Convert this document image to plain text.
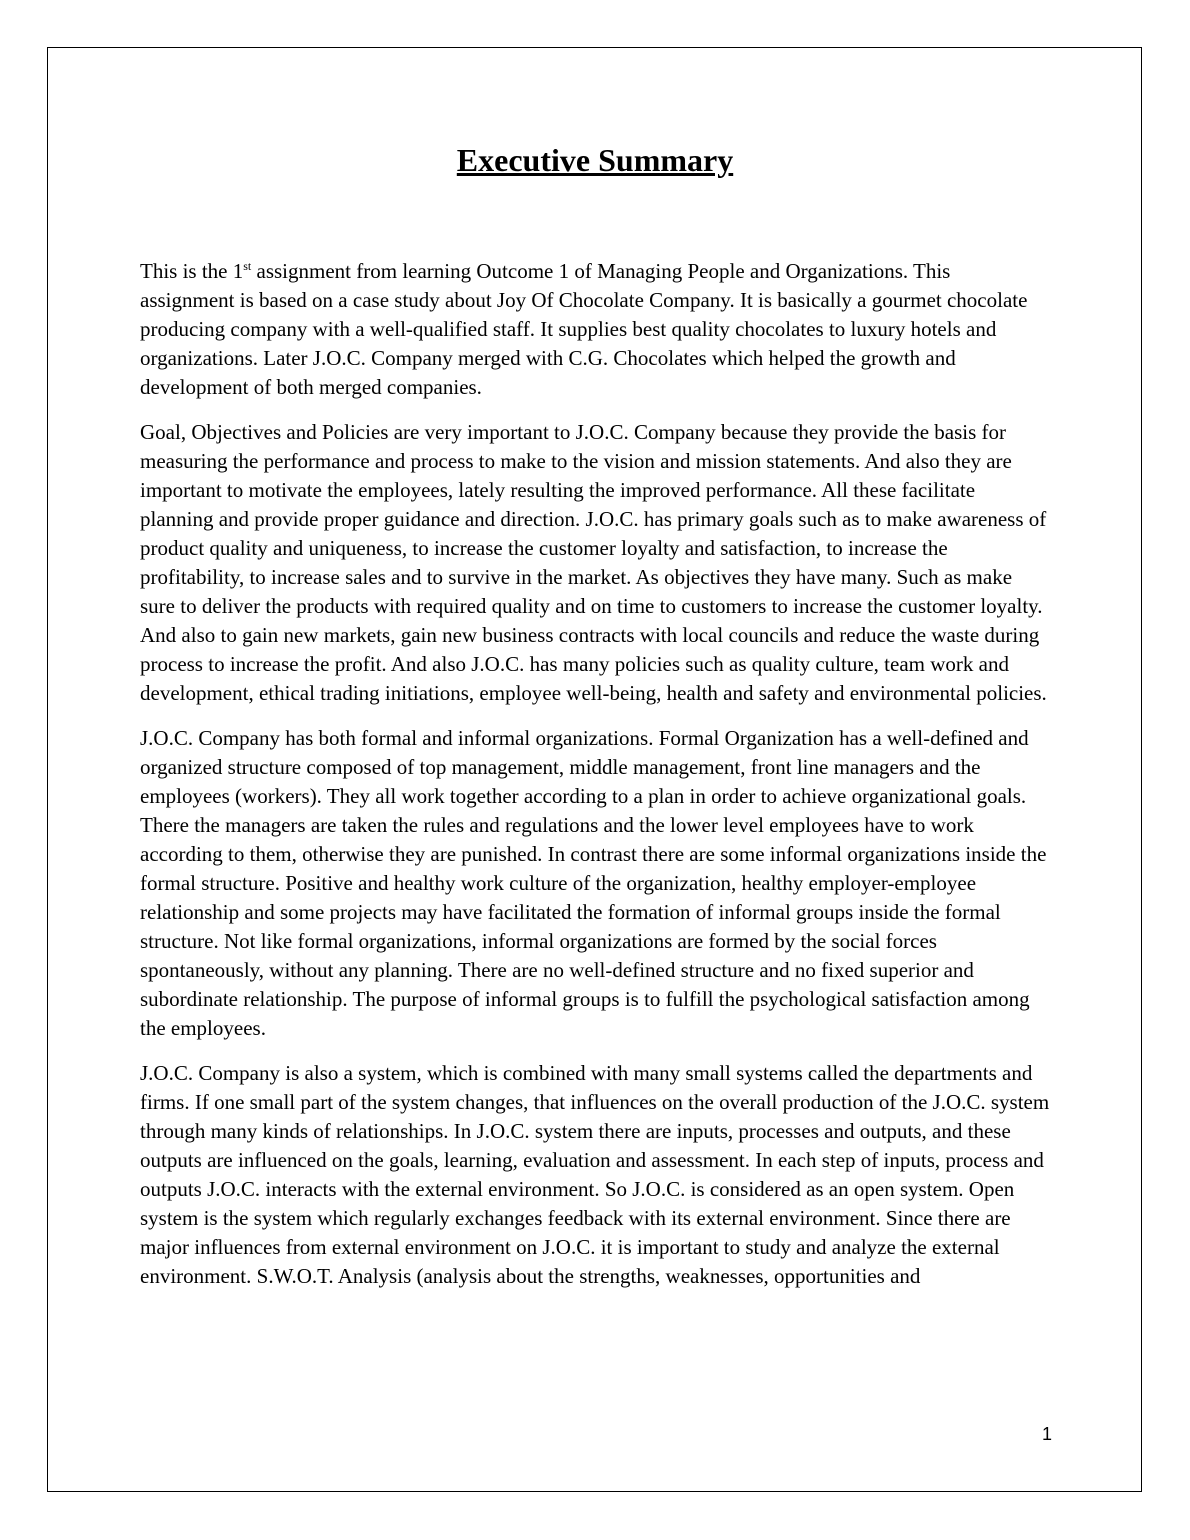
Executive Summary

This is the 1st assignment from learning Outcome 1 of Managing People and Organizations. This assignment is based on a case study about Joy Of Chocolate Company. It is basically a gourmet chocolate producing company with a well-qualified staff. It supplies best quality chocolates to luxury hotels and organizations. Later J.O.C. Company merged with C.G. Chocolates which helped the growth and development of both merged companies.

Goal, Objectives and Policies are very important to J.O.C. Company because they provide the basis for measuring the performance and process to make to the vision and mission statements. And also they are important to motivate the employees, lately resulting the improved performance. All these facilitate planning and provide proper guidance and direction. J.O.C. has primary goals such as to make awareness of product quality and uniqueness, to increase the customer loyalty and satisfaction, to increase the profitability, to increase sales and to survive in the market. As objectives they have many. Such as make sure to deliver the products with required quality and on time to customers to increase the customer loyalty. And also to gain new markets, gain new business contracts with local councils and reduce the waste during process to increase the profit. And also J.O.C. has many policies such as quality culture, team work and development, ethical trading initiations, employee well-being, health and safety and environmental policies.

J.O.C. Company has both formal and informal organizations. Formal Organization has a well-defined and organized structure composed of top management, middle management, front line managers and the employees (workers). They all work together according to a plan in order to achieve organizational goals. There the managers are taken the rules and regulations and the lower level employees have to work according to them, otherwise they are punished. In contrast there are some informal organizations inside the formal structure. Positive and healthy work culture of the organization, healthy employer-employee relationship and some projects may have facilitated the formation of informal groups inside the formal structure. Not like formal organizations, informal organizations are formed by the social forces spontaneously, without any planning. There are no well-defined structure and no fixed superior and subordinate relationship. The purpose of informal groups is to fulfill the psychological satisfaction among the employees.

J.O.C. Company is also a system, which is combined with many small systems called the departments and firms. If one small part of the system changes, that influences on the overall production of the J.O.C. system through many kinds of relationships. In J.O.C. system there are inputs, processes and outputs, and these outputs are influenced on the goals, learning, evaluation and assessment. In each step of inputs, process and outputs J.O.C. interacts with the external environment. So J.O.C. is considered as an open system. Open system is the system which regularly exchanges feedback with its external environment. Since there are major influences from external environment on J.O.C. it is important to study and analyze the external environment. S.W.O.T. Analysis (analysis about the strengths, weaknesses, opportunities and

1
